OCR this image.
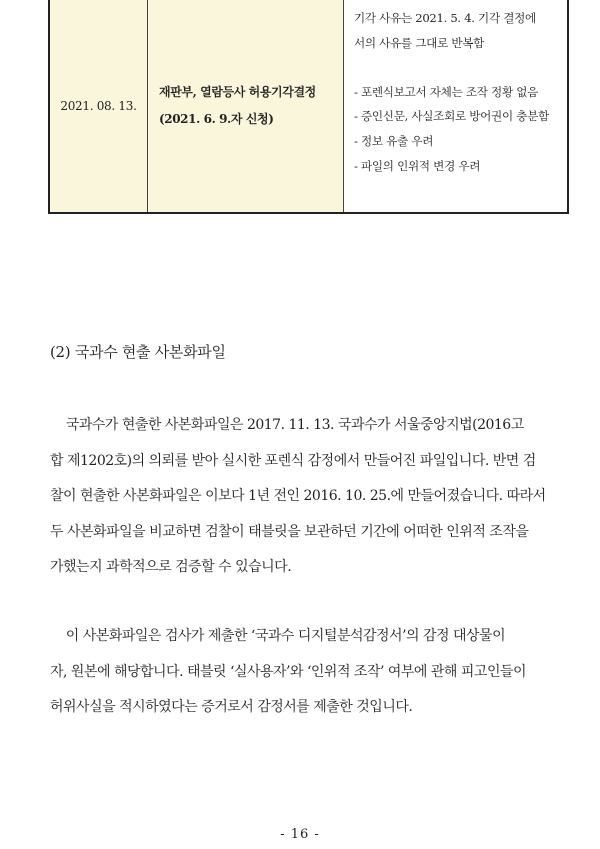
2021. 08. 13.
재판부, 열람등사 허용기각결정
(2021. 6. 9.자 신청)
기각 사유는 2021. 5. 4. 기각 결정에
서의 사유를 그대로 반복함
- 포렌식보고서 자체는 조작 정황 없음
- 증인신문, 사실조회로 방어권이 충분함
- 정보 유출 우려
- 파일의 인위적 변경 우려
(2) 국과수 현출 사본화파일
국과수가 현출한 사본화파일은 2017. 11. 13. 국과수가 서울중앙지법(2016고
합 제1202호)의 의뢰를 받아 실시한 포렌식 감정에서 만들어진 파일입니다. 반면 검
찰이 현출한 사본화파일은 이보다 1년 전인 2016. 10. 25.에 만들어졌습니다. 따라서
두 사본화파일을 비교하면 검찰이 태블릿을 보관하던 기간에 어떠한 인위적 조작을
가했는지 과학적으로 검증할 수 있습니다.
이 사본화파일은 검사가 제출한 ‘국과수 디지털분석감정서’의 감정 대상물이
자, 원본에 해당합니다. 태블릿 ‘실사용자’와 ‘인위적 조작’ 여부에 관해 피고인들이
허위사실을 적시하였다는 증거로서 감정서를 제출한 것입니다.
- 16 -
